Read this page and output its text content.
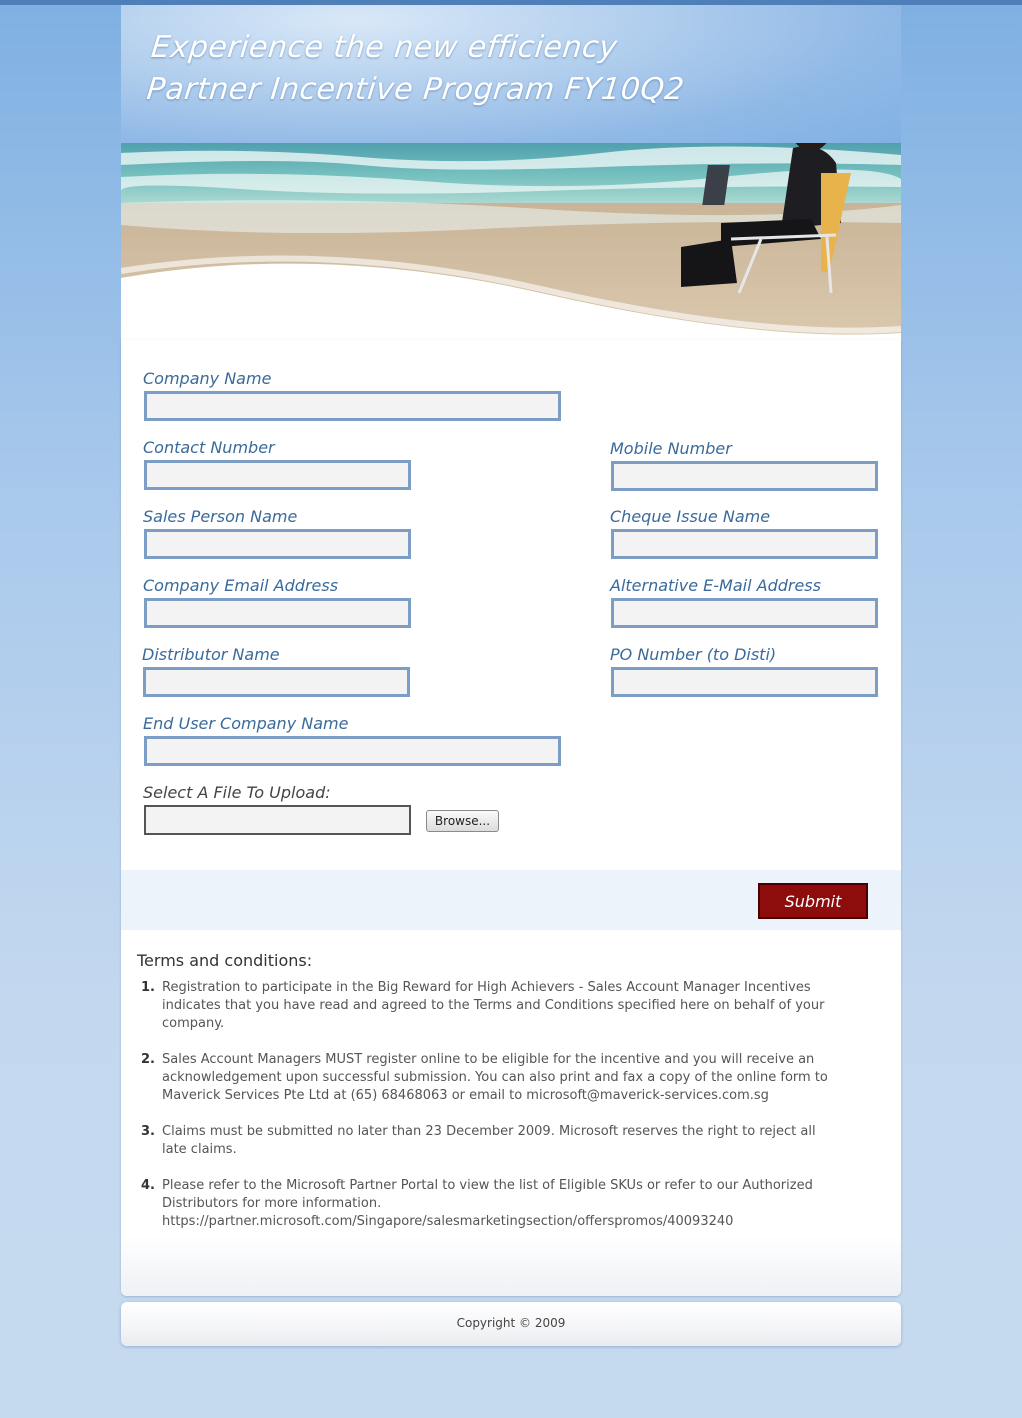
Experience the new efficiency
Partner Incentive Program FY10Q2
Company Name
Contact Number	Mobile Number
Sales Person Name	Cheque Issue Name
Company Email Address	Alternative E-Mail Address
Distributor Name	PO Number (to Disti)
End User Company Name
Select A File To Upload:
Browse...
Submit
Terms and conditions:
1. Registration to participate in the Big Reward for High Achievers - Sales Account Manager Incentives indicates that you have read and agreed to the Terms and Conditions specified here on behalf of your company.
2. Sales Account Managers MUST register online to be eligible for the incentive and you will receive an acknowledgement upon successful submission. You can also print and fax a copy of the online form to Maverick Services Pte Ltd at (65) 68468063 or email to microsoft@maverick-services.com.sg
3. Claims must be submitted no later than 23 December 2009. Microsoft reserves the right to reject all late claims.
4. Please refer to the Microsoft Partner Portal to view the list of Eligible SKUs or refer to our Authorized Distributors for more information. https://partner.microsoft.com/Singapore/salesmarketingsection/offerspromos/40093240
Copyright © 2009
